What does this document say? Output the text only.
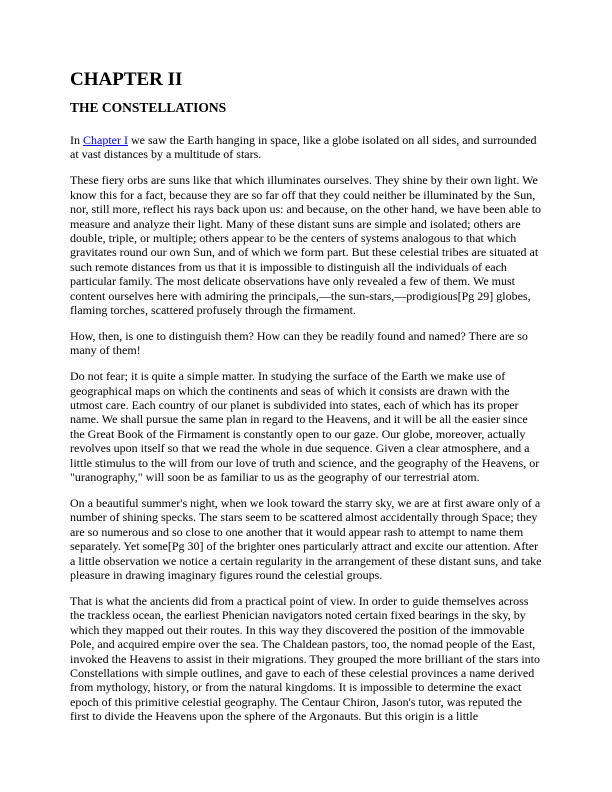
CHAPTER II
THE CONSTELLATIONS

In Chapter I we saw the Earth hanging in space, like a globe isolated on all sides, and surrounded at vast distances by a multitude of stars.

These fiery orbs are suns like that which illuminates ourselves. They shine by their own light. We know this for a fact, because they are so far off that they could neither be illuminated by the Sun, nor, still more, reflect his rays back upon us: and because, on the other hand, we have been able to measure and analyze their light. Many of these distant suns are simple and isolated; others are double, triple, or multiple; others appear to be the centers of systems analogous to that which gravitates round our own Sun, and of which we form part. But these celestial tribes are situated at such remote distances from us that it is impossible to distinguish all the individuals of each particular family. The most delicate observations have only revealed a few of them. We must content ourselves here with admiring the principals,—the sun-stars,—prodigious[Pg 29] globes, flaming torches, scattered profusely through the firmament.

How, then, is one to distinguish them? How can they be readily found and named? There are so many of them!

Do not fear; it is quite a simple matter. In studying the surface of the Earth we make use of geographical maps on which the continents and seas of which it consists are drawn with the utmost care. Each country of our planet is subdivided into states, each of which has its proper name. We shall pursue the same plan in regard to the Heavens, and it will be all the easier since the Great Book of the Firmament is constantly open to our gaze. Our globe, moreover, actually revolves upon itself so that we read the whole in due sequence. Given a clear atmosphere, and a little stimulus to the will from our love of truth and science, and the geography of the Heavens, or "uranography," will soon be as familiar to us as the geography of our terrestrial atom.

On a beautiful summer's night, when we look toward the starry sky, we are at first aware only of a number of shining specks. The stars seem to be scattered almost accidentally through Space; they are so numerous and so close to one another that it would appear rash to attempt to name them separately. Yet some[Pg 30] of the brighter ones particularly attract and excite our attention. After a little observation we notice a certain regularity in the arrangement of these distant suns, and take pleasure in drawing imaginary figures round the celestial groups.

That is what the ancients did from a practical point of view. In order to guide themselves across the trackless ocean, the earliest Phenician navigators noted certain fixed bearings in the sky, by which they mapped out their routes. In this way they discovered the position of the immovable Pole, and acquired empire over the sea. The Chaldean pastors, too, the nomad people of the East, invoked the Heavens to assist in their migrations. They grouped the more brilliant of the stars into Constellations with simple outlines, and gave to each of these celestial provinces a name derived from mythology, history, or from the natural kingdoms. It is impossible to determine the exact epoch of this primitive celestial geography. The Centaur Chiron, Jason's tutor, was reputed the first to divide the Heavens upon the sphere of the Argonauts. But this origin is a little
